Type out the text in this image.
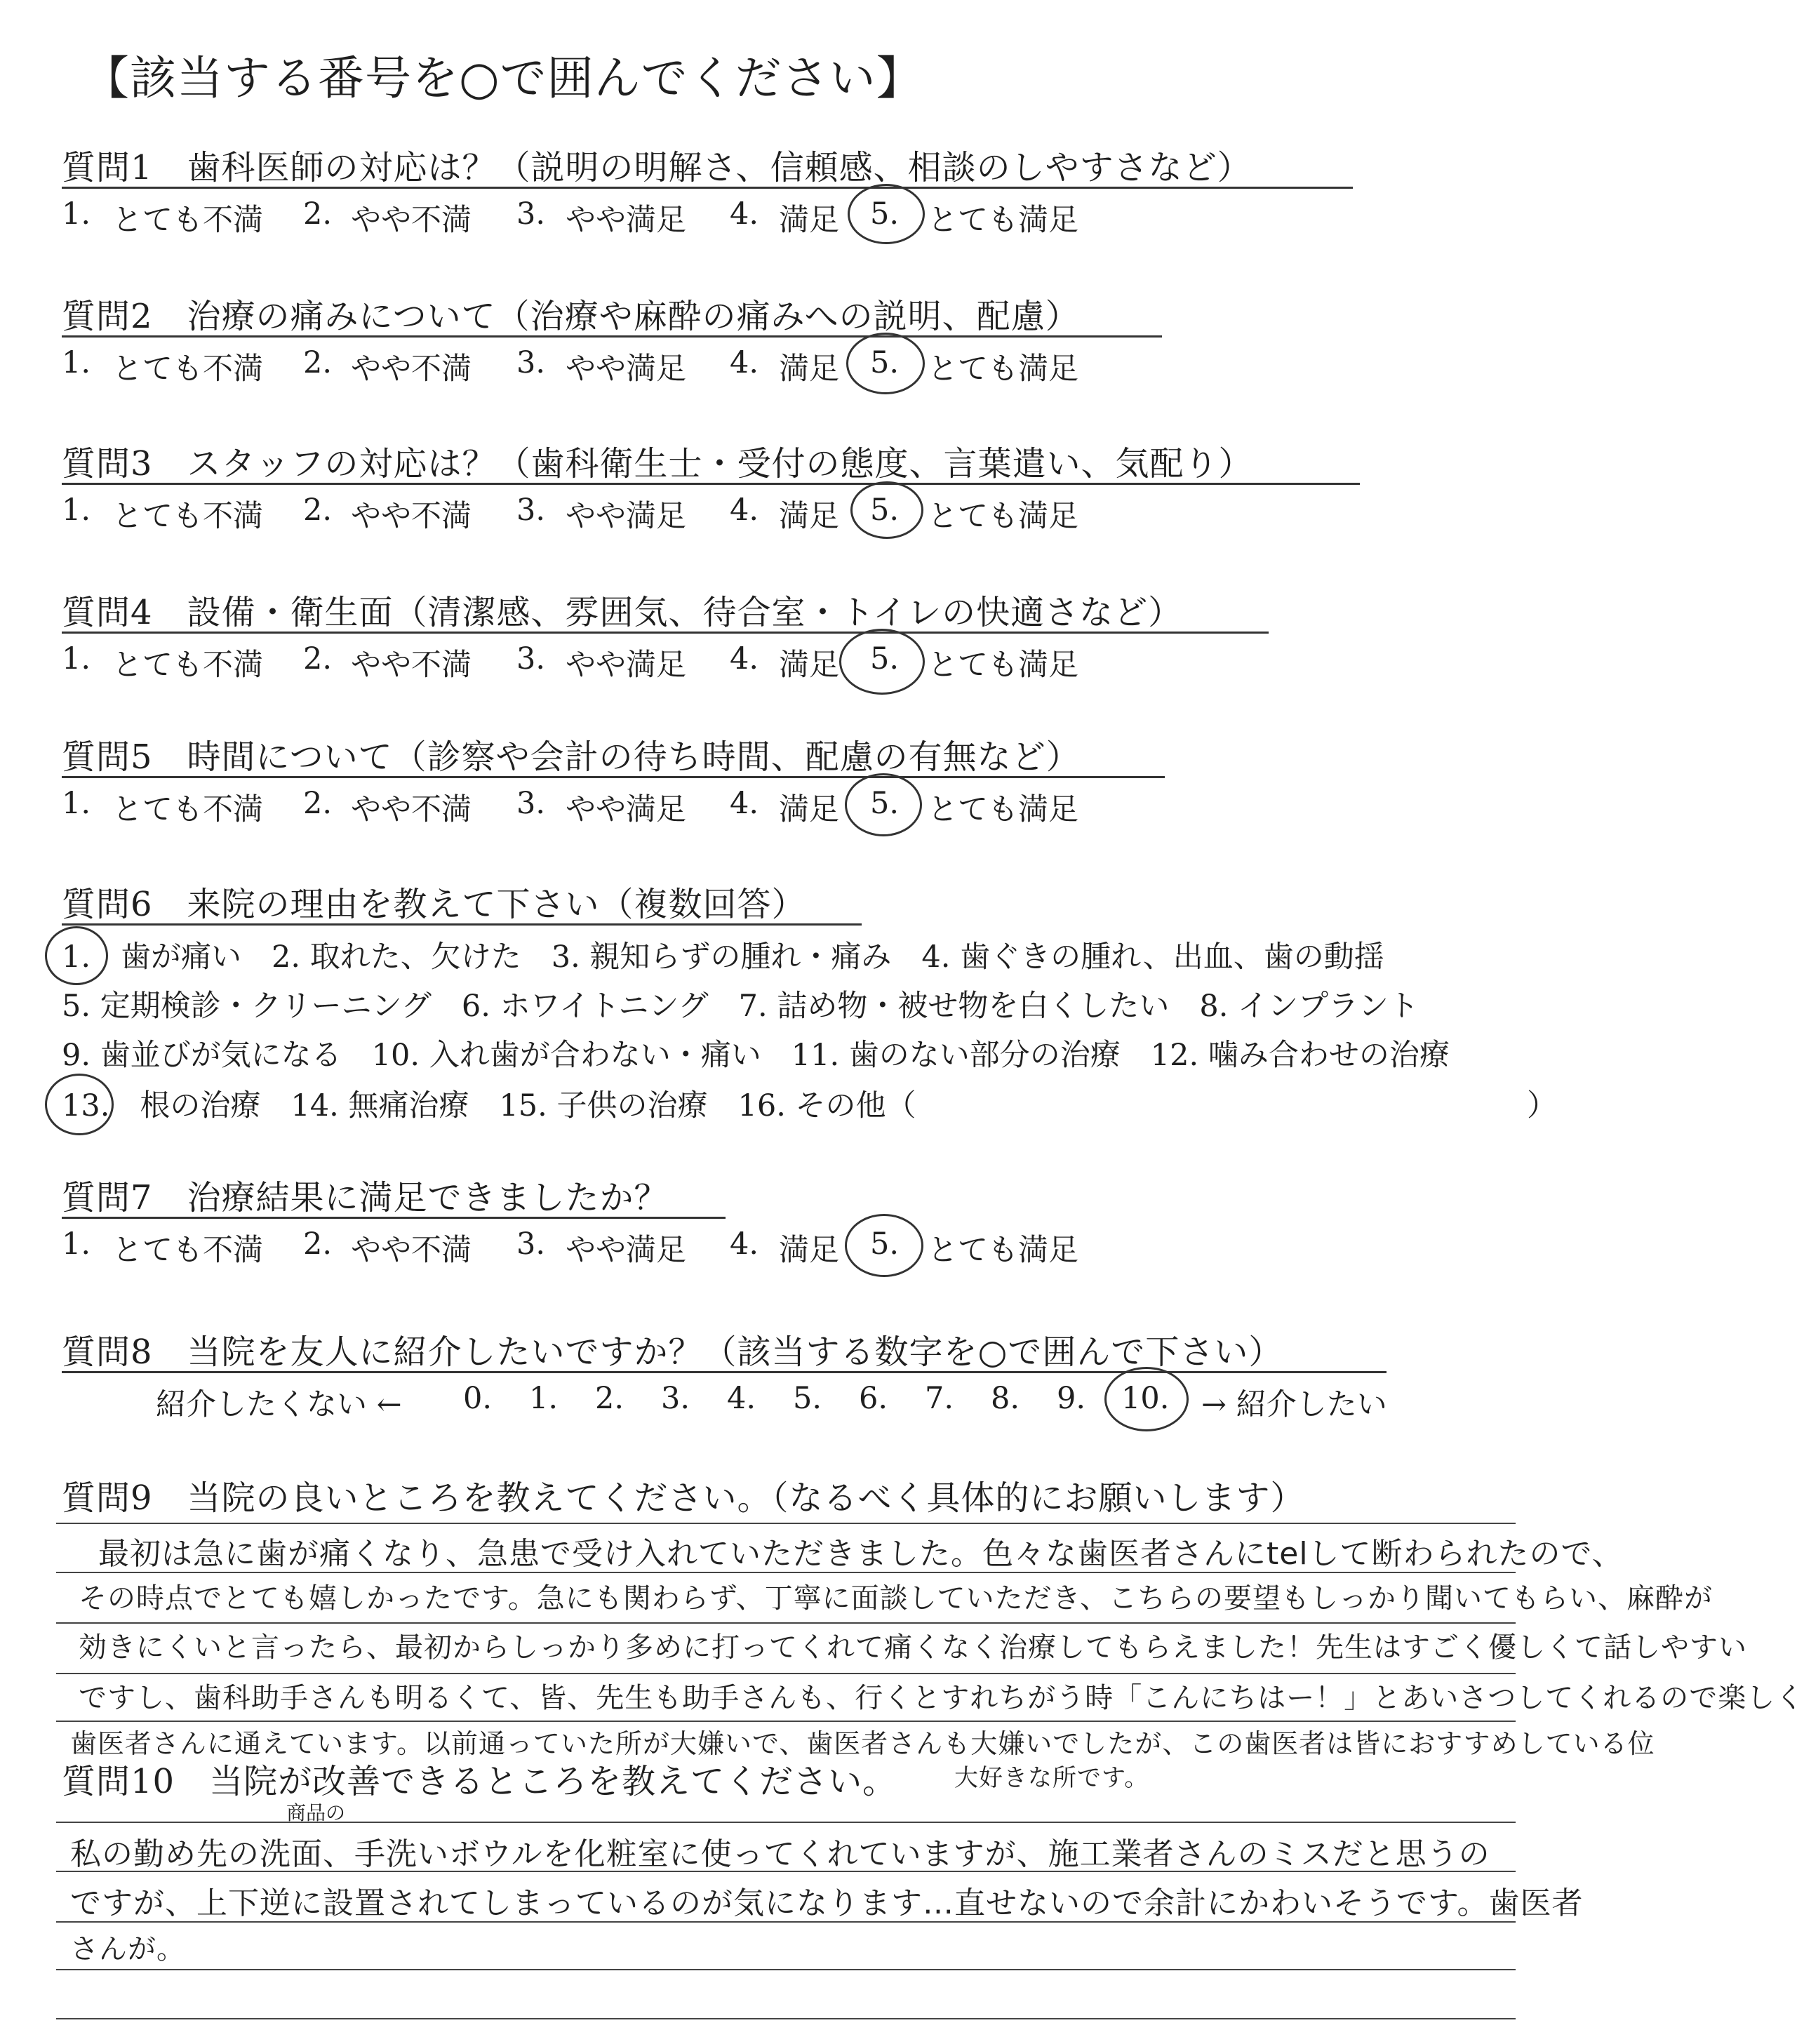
【該当する番号を○で囲んでください】
質問1　歯科医師の対応は？（説明の明解さ、信頼感、相談のしやすさなど）
1. とても不満 2. やや不満 3. やや満足 4. 満足 5. とても満足
質問2　治療の痛みについて（治療や麻酔の痛みへの説明、配慮）
1. とても不満 2. やや不満 3. やや満足 4. 満足 5. とても満足
質問3　スタッフの対応は？（歯科衛生士・受付の態度、言葉遣い、気配り）
1. とても不満 2. やや不満 3. やや満足 4. 満足 5. とても満足
質問4　設備・衛生面（清潔感、雰囲気、待合室・トイレの快適さなど）
1. とても不満 2. やや不満 3. やや満足 4. 満足 5. とても満足
質問5　時間について（診察や会計の待ち時間、配慮の有無など）
1. とても不満 2. やや不満 3. やや満足 4. 満足 5. とても満足
質問6　来院の理由を教えて下さい（複数回答）
1.　歯が痛い　2. 取れた、欠けた　3. 親知らずの腫れ・痛み　4. 歯ぐきの腫れ、出血、歯の動揺
5. 定期検診・クリーニング　6. ホワイトニング　7. 詰め物・被せ物を白くしたい　8. インプラント
9. 歯並びが気になる　10. 入れ歯が合わない・痛い　11. 歯のない部分の治療　12. 噛み合わせの治療
13.　根の治療　14. 無痛治療　15. 子供の治療　16. その他（	）
質問7　治療結果に満足できましたか？
1. とても不満 2. やや不満 3. やや満足 4. 満足 5. とても満足
質問8　当院を友人に紹介したいですか？（該当する数字を○で囲んで下さい）
紹介したくない ← 0. 1. 2. 3. 4. 5. 6. 7. 8. 9. 10. → 紹介したい
質問9　当院の良いところを教えてください。（なるべく具体的にお願いします）
最初は急に歯が痛くなり、急患で受け入れていただきました。色々な歯医者さんにtelして断わられたので、
その時点でとても嬉しかったです。急にも関わらず、丁寧に面談していただき、こちらの要望もしっかり聞いてもらい、麻酔が
効きにくいと言ったら、最初からしっかり多めに打ってくれて痛くなく治療してもらえました！先生はすごく優しくて話しやすい
ですし、歯科助手さんも明るくて、皆、先生も助手さんも、行くとすれちがう時「こんにちはー！」とあいさつしてくれるので楽しく
歯医者さんに通えています。以前通っていた所が大嫌いで、歯医者さんも大嫌いでしたが、この歯医者は皆におすすめしている位
大好きな所です。
質問10　当院が改善できるところを教えてください。
商品の
私の勤め先の洗面、手洗いボウルを化粧室に使ってくれていますが、施工業者さんのミスだと思うの
ですが、上下逆に設置されてしまっているのが気になります…直せないので余計にかわいそうです。歯医者
さんが。
